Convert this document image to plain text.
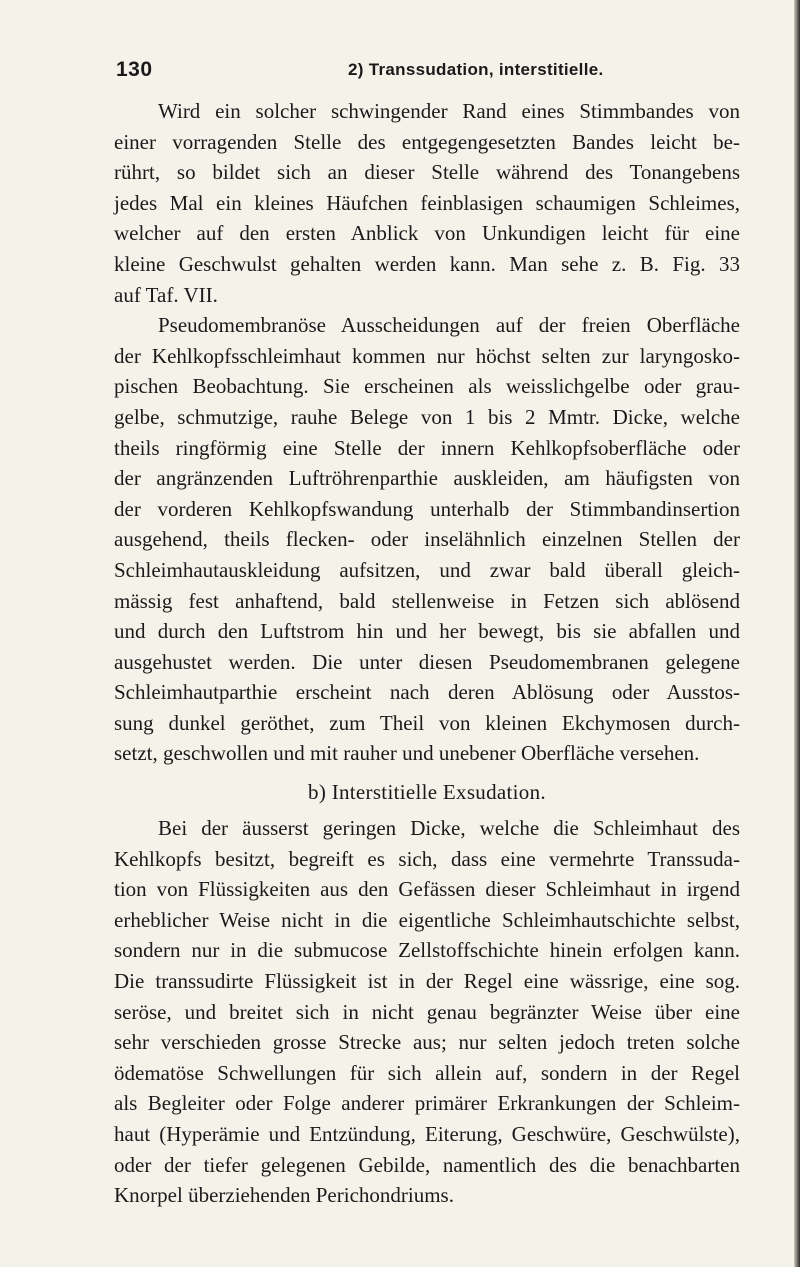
130	2) Transsudation, interstitielle.
Wird ein solcher schwingender Rand eines Stimmbandes von
einer vorragenden Stelle des entgegengesetzten Bandes leicht be-
rührt, so bildet sich an dieser Stelle während des Tonangebens
jedes Mal ein kleines Häufchen feinblasigen schaumigen Schleimes,
welcher auf den ersten Anblick von Unkundigen leicht für eine
kleine Geschwulst gehalten werden kann. Man sehe z. B. Fig. 33
auf Taf. VII.
Pseudomembranöse Ausscheidungen auf der freien Oberfläche
der Kehlkopfsschleimhaut kommen nur höchst selten zur laryngosko-
pischen Beobachtung. Sie erscheinen als weisslichgelbe oder grau-
gelbe, schmutzige, rauhe Belege von 1 bis 2 Mmtr. Dicke, welche
theils ringförmig eine Stelle der innern Kehlkopfsoberfläche oder
der angränzenden Luftröhrenparthie auskleiden, am häufigsten von
der vorderen Kehlkopfswandung unterhalb der Stimmbandinsertion
ausgehend, theils flecken- oder inselähnlich einzelnen Stellen der
Schleimhautauskleidung aufsitzen, und zwar bald überall gleich-
mässig fest anhaftend, bald stellenweise in Fetzen sich ablösend
und durch den Luftstrom hin und her bewegt, bis sie abfallen und
ausgehustet werden. Die unter diesen Pseudomembranen gelegene
Schleimhautparthie erscheint nach deren Ablösung oder Ausstos-
sung dunkel geröthet, zum Theil von kleinen Ekchymosen durch-
setzt, geschwollen und mit rauher und unebener Oberfläche versehen.
b) Interstitielle Exsudation.
Bei der äusserst geringen Dicke, welche die Schleimhaut des
Kehlkopfs besitzt, begreift es sich, dass eine vermehrte Transsuda-
tion von Flüssigkeiten aus den Gefässen dieser Schleimhaut in irgend
erheblicher Weise nicht in die eigentliche Schleimhautschichte selbst,
sondern nur in die submucose Zellstoffschichte hinein erfolgen kann.
Die transsudirte Flüssigkeit ist in der Regel eine wässrige, eine sog.
seröse, und breitet sich in nicht genau begränzter Weise über eine
sehr verschieden grosse Strecke aus; nur selten jedoch treten solche
ödematöse Schwellungen für sich allein auf, sondern in der Regel
als Begleiter oder Folge anderer primärer Erkrankungen der Schleim-
haut (Hyperämie und Entzündung, Eiterung, Geschwüre, Geschwülste),
oder der tiefer gelegenen Gebilde, namentlich des die benachbarten
Knorpel überziehenden Perichondriums.
